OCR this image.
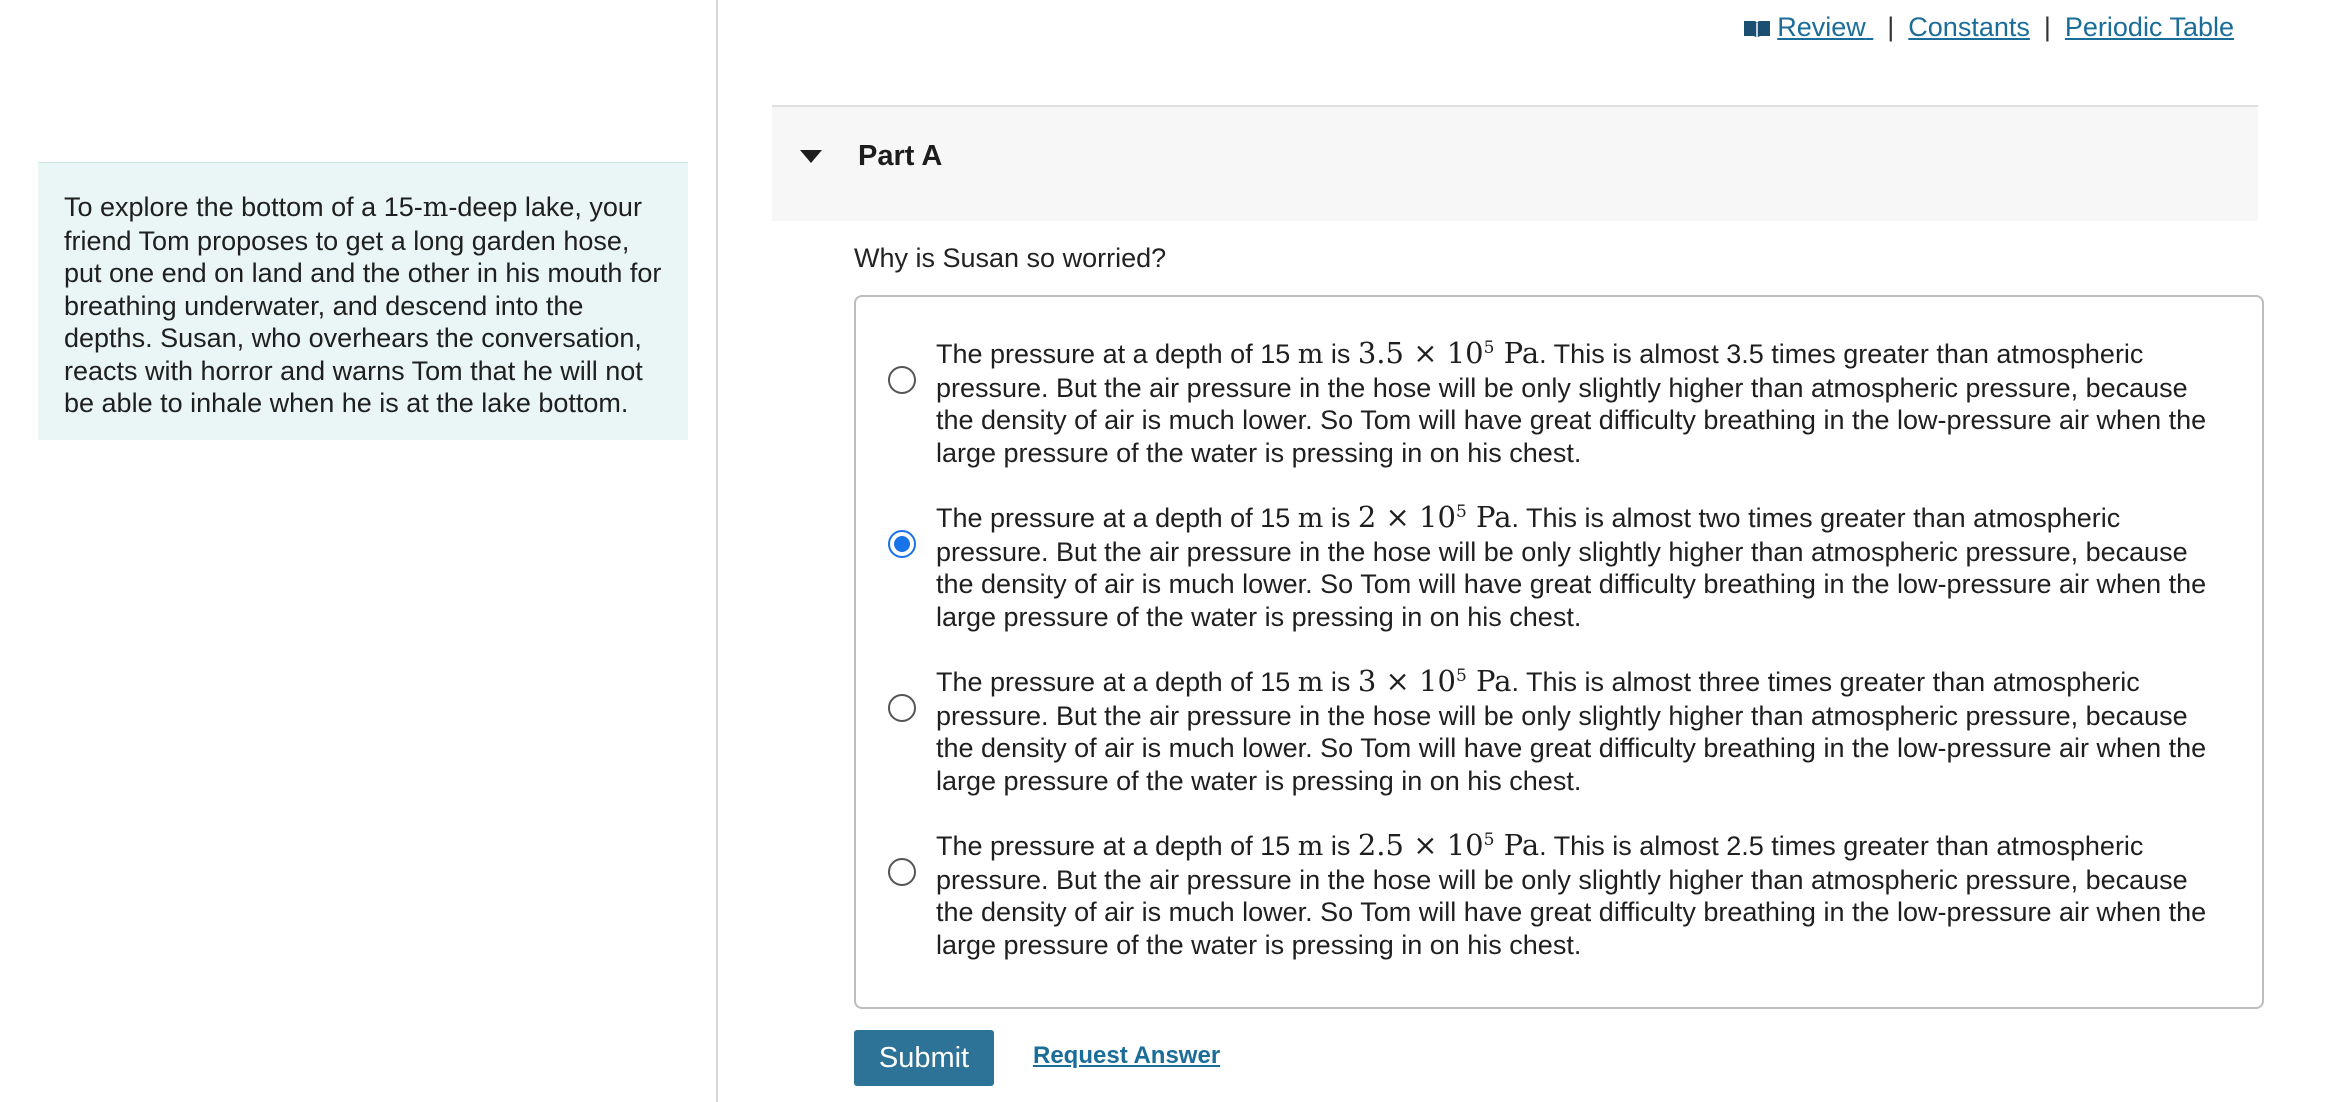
To explore the bottom of a 15-m-deep lake, your friend Tom proposes to get a long garden hose, put one end on land and the other in his mouth for breathing underwater, and descend into the depths. Susan, who overhears the conversation, reacts with horror and warns Tom that he will not be able to inhale when he is at the lake bottom.
Review | Constants | Periodic Table
Part A
Why is Susan so worried?
The pressure at a depth of 15 m is $3.5 \times 10^5$ Pa. This is almost 3.5 times greater than atmospheric pressure. But the air pressure in the hose will be only slightly higher than atmospheric pressure, because the density of air is much lower. So Tom will have great difficulty breathing in the low-pressure air when the large pressure of the water is pressing in on his chest.
The pressure at a depth of 15 m is $2 \times 10^5$ Pa. This is almost two times greater than atmospheric pressure. But the air pressure in the hose will be only slightly higher than atmospheric pressure, because the density of air is much lower. So Tom will have great difficulty breathing in the low-pressure air when the large pressure of the water is pressing in on his chest.
The pressure at a depth of 15 m is $3 \times 10^5$ Pa. This is almost three times greater than atmospheric pressure. But the air pressure in the hose will be only slightly higher than atmospheric pressure, because the density of air is much lower. So Tom will have great difficulty breathing in the low-pressure air when the large pressure of the water is pressing in on his chest.
The pressure at a depth of 15 m is $2.5 \times 10^5$ Pa. This is almost 2.5 times greater than atmospheric pressure. But the air pressure in the hose will be only slightly higher than atmospheric pressure, because the density of air is much lower. So Tom will have great difficulty breathing in the low-pressure air when the large pressure of the water is pressing in on his chest.
Submit	Request Answer
